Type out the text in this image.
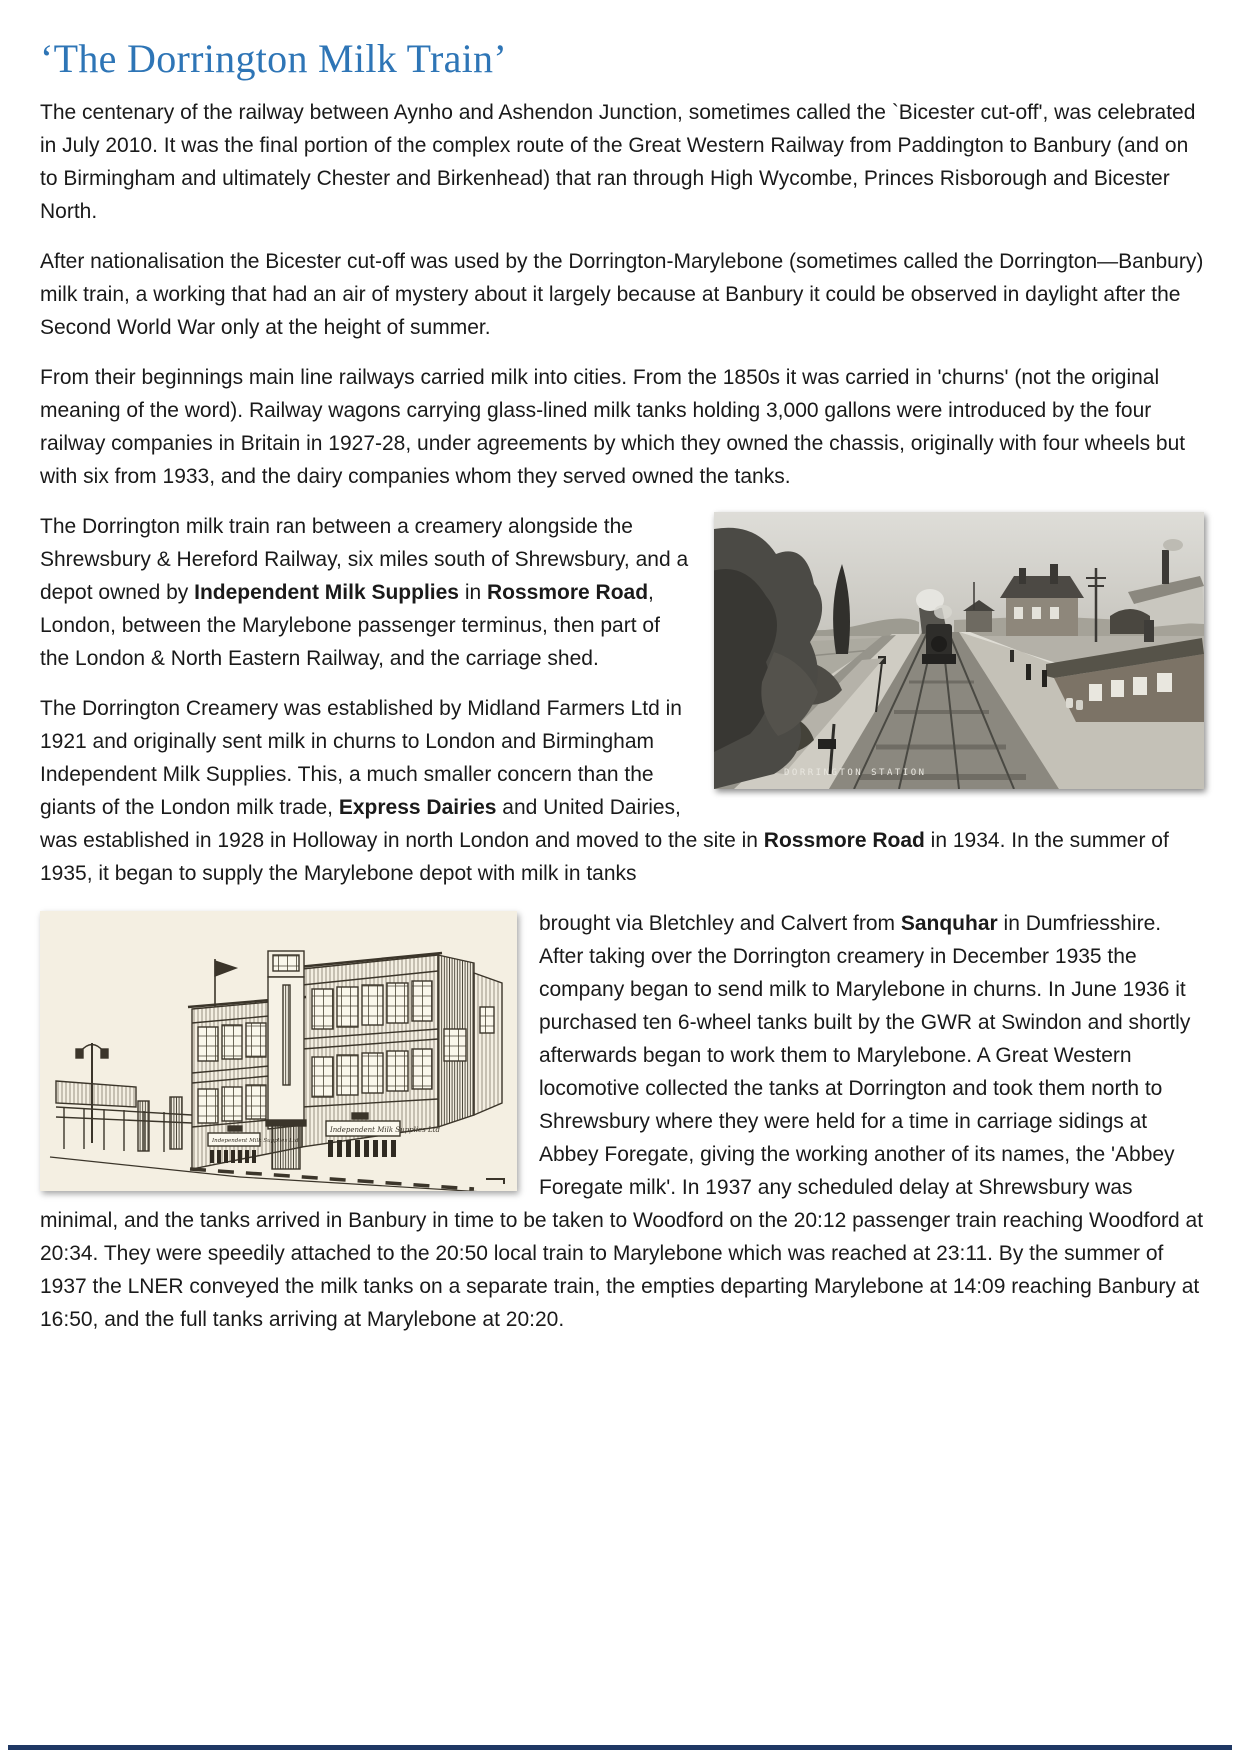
‘The Dorrington Milk Train’

The centenary of the railway between Aynho and Ashendon Junction, sometimes called the `Bicester cut-off', was celebrated in July 2010. It was the final portion of the complex route of the Great Western Railway from Paddington to Banbury (and on to Birmingham and ultimately Chester and Birkenhead) that ran through High Wycombe, Princes Risborough and Bicester North.

After nationalisation the Bicester cut-off was used by the Dorrington-Marylebone (sometimes called the Dorrington—Banbury) milk train, a working that had an air of mystery about it largely because at Banbury it could be observed in daylight after the Second World War only at the height of summer.

From their beginnings main line railways carried milk into cities. From the 1850s it was carried in 'churns' (not the original meaning of the word). Railway wagons carrying glass-lined milk tanks holding 3,000 gallons were introduced by the four railway companies in Britain in 1927-28, under agreements by which they owned the chassis, originally with four wheels but with six from 1933, and the dairy companies whom they served owned the tanks.

DORRINGTON STATION

The Dorrington milk train ran between a creamery alongside the Shrewsbury & Hereford Railway, six miles south of Shrewsbury, and a depot owned by Independent Milk Supplies in Rossmore Road, London, between the Marylebone passenger terminus, then part of the London & North Eastern Railway, and the carriage shed.

The Dorrington Creamery was established by Midland Farmers Ltd in 1921 and originally sent milk in churns to London and Birmingham Independent Milk Supplies. This, a much smaller concern than the giants of the London milk trade, Express Dairies and United Dairies, was established in 1928 in Holloway in north London and moved to the site in Rossmore Road in 1934. In the summer of 1935, it began to supply the Marylebone depot with milk in tanks

Independent Milk Supplies Ltd
Independent Milk Supplies Ltd
brought via Bletchley and Calvert from Sanquhar in Dumfriesshire. After taking over the Dorrington creamery in December 1935 the company began to send milk to Marylebone in churns. In June 1936 it purchased ten 6-wheel tanks built by the GWR at Swindon and shortly afterwards began to work them to Marylebone. A Great Western locomotive collected the tanks at Dorrington and took them north to Shrewsbury where they were held for a time in carriage sidings at Abbey Foregate, giving the working another of its names, the 'Abbey Foregate milk'. In 1937 any scheduled delay at Shrewsbury was minimal, and the tanks arrived in Banbury in time to be taken to Woodford on the 20:12 passenger train reaching Woodford at 20:34. They were speedily attached to the 20:50 local train to Marylebone which was reached at 23:11. By the summer of 1937 the LNER conveyed the milk tanks on a separate train, the empties departing Marylebone at 14:09 reaching Banbury at 16:50, and the full tanks arriving at Marylebone at 20:20.
